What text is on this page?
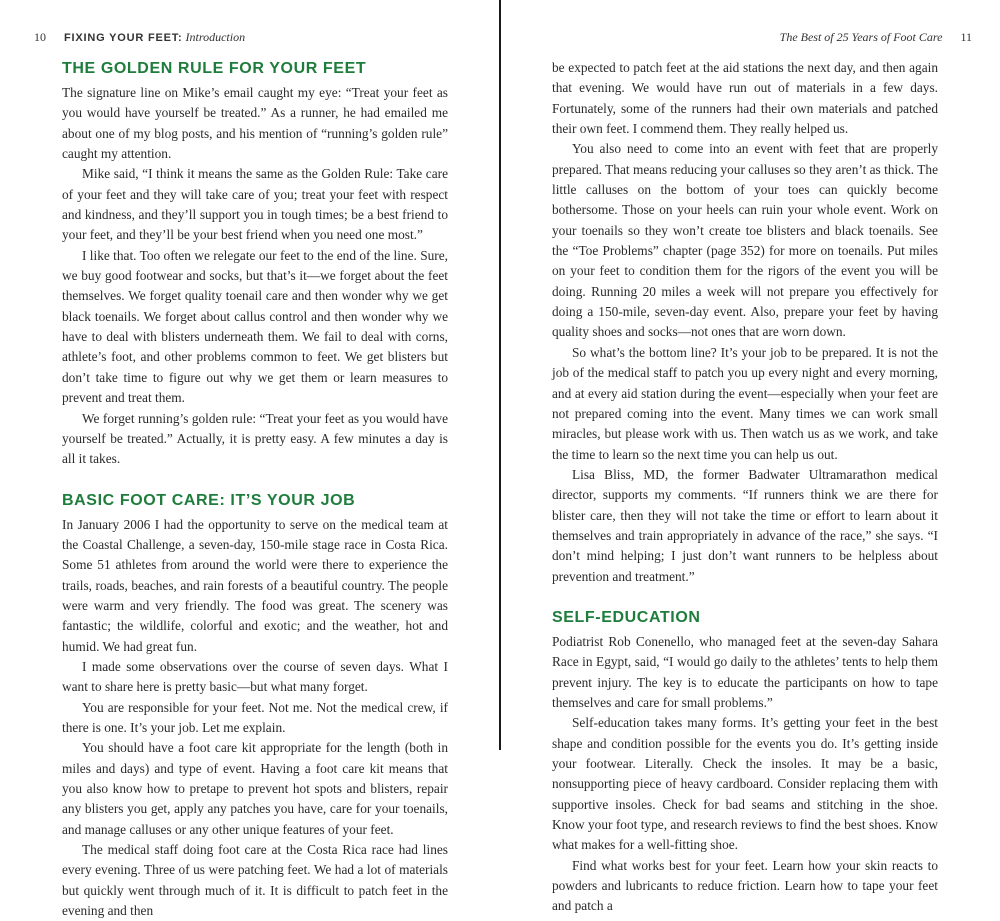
10 FIXING YOUR FEET: Introduction
THE GOLDEN RULE FOR YOUR FEET

The signature line on Mike’s email caught my eye: “Treat your feet as you would have yourself be treated.” As a runner, he had emailed me about one of my blog posts, and his mention of “running’s golden rule” caught my attention.

Mike said, “I think it means the same as the Golden Rule: Take care of your feet and they will take care of you; treat your feet with respect and kindness, and they’ll support you in tough times; be a best friend to your feet, and they’ll be your best friend when you need one most.”

I like that. Too often we relegate our feet to the end of the line. Sure, we buy good footwear and socks, but that’s it—we forget about the feet themselves. We forget quality toenail care and then wonder why we get black toenails. We forget about callus control and then wonder why we have to deal with blisters underneath them. We fail to deal with corns, athlete’s foot, and other problems common to feet. We get blisters but don’t take time to figure out why we get them or learn measures to prevent and treat them.

We forget running’s golden rule: “Treat your feet as you would have yourself be treated.” Actually, it is pretty easy. A few minutes a day is all it takes.

BASIC FOOT CARE: IT’S YOUR JOB

In January 2006 I had the opportunity to serve on the medical team at the Coastal Challenge, a seven-day, 150-mile stage race in Costa Rica. Some 51 athletes from around the world were there to experience the trails, roads, beaches, and rain forests of a beautiful country. The people were warm and very friendly. The food was great. The scenery was fantastic; the wildlife, colorful and exotic; and the weather, hot and humid. We had great fun.

I made some observations over the course of seven days. What I want to share here is pretty basic—but what many forget.

You are responsible for your feet. Not me. Not the medical crew, if there is one. It’s your job. Let me explain.

You should have a foot care kit appropriate for the length (both in miles and days) and type of event. Having a foot care kit means that you also know how to pretape to prevent hot spots and blisters, repair any blisters you get, apply any patches you have, care for your toenails, and manage calluses or any other unique features of your feet.

The medical staff doing foot care at the Costa Rica race had lines every evening. Three of us were patching feet. We had a lot of materials but quickly went through much of it. It is difficult to patch feet in the evening and then

The Best of 25 Years of Foot Care 11

be expected to patch feet at the aid stations the next day, and then again that evening. We would have run out of materials in a few days. Fortunately, some of the runners had their own materials and patched their own feet. I commend them. They really helped us.

You also need to come into an event with feet that are properly prepared. That means reducing your calluses so they aren’t as thick. The little calluses on the bottom of your toes can quickly become bothersome. Those on your heels can ruin your whole event. Work on your toenails so they won’t create toe blisters and black toenails. See the “Toe Problems” chapter (page 352) for more on toenails. Put miles on your feet to condition them for the rigors of the event you will be doing. Running 20 miles a week will not prepare you effectively for doing a 150-mile, seven-day event. Also, prepare your feet by having quality shoes and socks—not ones that are worn down.

So what’s the bottom line? It’s your job to be prepared. It is not the job of the medical staff to patch you up every night and every morning, and at every aid station during the event—especially when your feet are not prepared coming into the event. Many times we can work small miracles, but please work with us. Then watch us as we work, and take the time to learn so the next time you can help us out.

Lisa Bliss, MD, the former Badwater Ultramarathon medical director, supports my comments. “If runners think we are there for blister care, then they will not take the time or effort to learn about it themselves and train appropriately in advance of the race,” she says. “I don’t mind helping; I just don’t want runners to be helpless about prevention and treatment.”

SELF-EDUCATION

Podiatrist Rob Conenello, who managed feet at the seven-day Sahara Race in Egypt, said, “I would go daily to the athletes’ tents to help them prevent injury. The key is to educate the participants on how to tape themselves and care for small problems.”

Self-education takes many forms. It’s getting your feet in the best shape and condition possible for the events you do. It’s getting inside your footwear. Literally. Check the insoles. It may be a basic, nonsupporting piece of heavy cardboard. Consider replacing them with supportive insoles. Check for bad seams and stitching in the shoe. Know your foot type, and research reviews to find the best shoes. Know what makes for a well-fitting shoe.

Find what works best for your feet. Learn how your skin reacts to powders and lubricants to reduce friction. Learn how to tape your feet and patch a
